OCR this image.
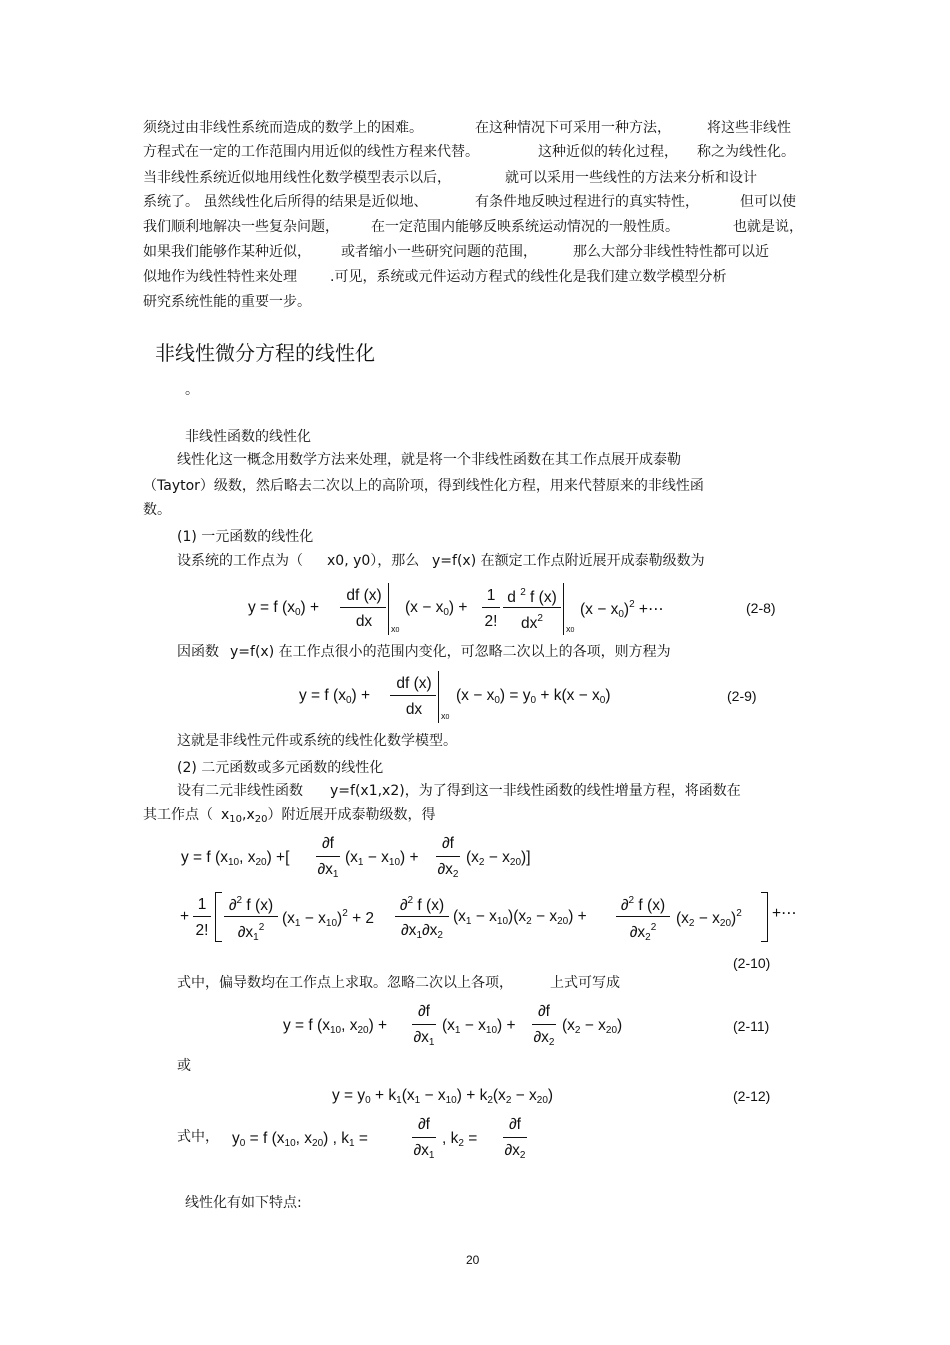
须绕过由非线性系统而造成的数学上的困难。	在这种情况下可采用一种方法，	将这些非线性
方程式在一定的工作范围内用近似的线性方程来代替。	这种近似的转化过程， 称之为线性化。
当非线性系统近似地用线性化数学模型表示以后，	就可以采用一些线性的方法来分析和设计
系统了。 虽然线性化后所得的结果是近似地、	有条件地反映过程进行的真实特性，	但可以使
我们顺利地解决一些复杂问题， 在一定范围内能够反映系统运动情况的一般性质。	也就是说，
如果我们能够作某种近似， 或者缩小一些研究问题的范围，	那么大部分非线性特性都可以近
似地作为线性特性来处理 .可见，系统或元件运动方程式的线性化是我们建立数学模型分析
研究系统性能的重要一步。
非线性微分方程的线性化
。
非线性函数的线性化
线性化这一概念用数学方法来处理，就是将一个非线性函数在其工作点展开成泰勒
（Taytor）级数，然后略去二次以上的高阶项，得到线性化方程，用来代替原来的非线性函
数。
(1) 一元函数的线性化
设系统的工作点为（ x0, y0），那么 y=f(x) 在额定工作点附近展开成泰勒级数为
y = f $(x_0)$ +
df (x)
dx	x0
$(x - x_0)$ +
1
2!
d $^2$ f (x)
$dx^2$
x0
$(x - x_0)^2$ +⋯	(2-8)
因函数 y=f(x) 在工作点很小的范围内变化，可忽略二次以上的各项，则方程为
y = f $(x_0)$ +
df (x)
dx	x0
$(x - x_0) = y_0 + k(x - x_0)$	(2-9)
这就是非线性元件或系统的线性化数学模型。
(2) 二元函数或多元函数的线性化
设有二元非线性函数 y=f(x1,x2)，为了得到这一非线性函数的线性增量方程，将函数在
其工作点（ $x_{10},x_{20}$）附近展开成泰勒级数，得
y = f ($x_{10}$, $x_{20}$) +[
∂f
$\partial x_1$
$(x_1 - x_{10})$ +
∂f
$\partial x_2$
$(x_2 - x_{20})$]
+
1
2!
∂$^2$ f (x)
$\partial x_1^2$
$(x_1 - x_{10})^2 + 2$
∂$^2$ f (x)
$\partial x_1\partial x_2$
$(x_1 - x_{10})(x_2 - x_{20})$ +
∂$^2$ f (x)
$\partial x_2^2$
$(x_2 - x_{20})^2$ +⋯
(2-10)
式中，偏导数均在工作点上求取。忽略二次以上各项，	上式可写成
y = f ($x_{10}$, $x_{20}$) +
∂f
$\partial x_1$
$(x_1 - x_{10})$ +
∂f
$\partial x_2$
$(x_2 - x_{20})$	(2-11)
或
$y = y_0 + k_1(x_1 - x_{10}) + k_2(x_2 - x_{20})$	(2-12)
式中， $y_0 = f$ ($x_{10}$, $x_{20}$) , $k_1$ =
∂f
$\partial x_1$
, $k_2$ =
∂f
$\partial x_2$
线性化有如下特点:
20
